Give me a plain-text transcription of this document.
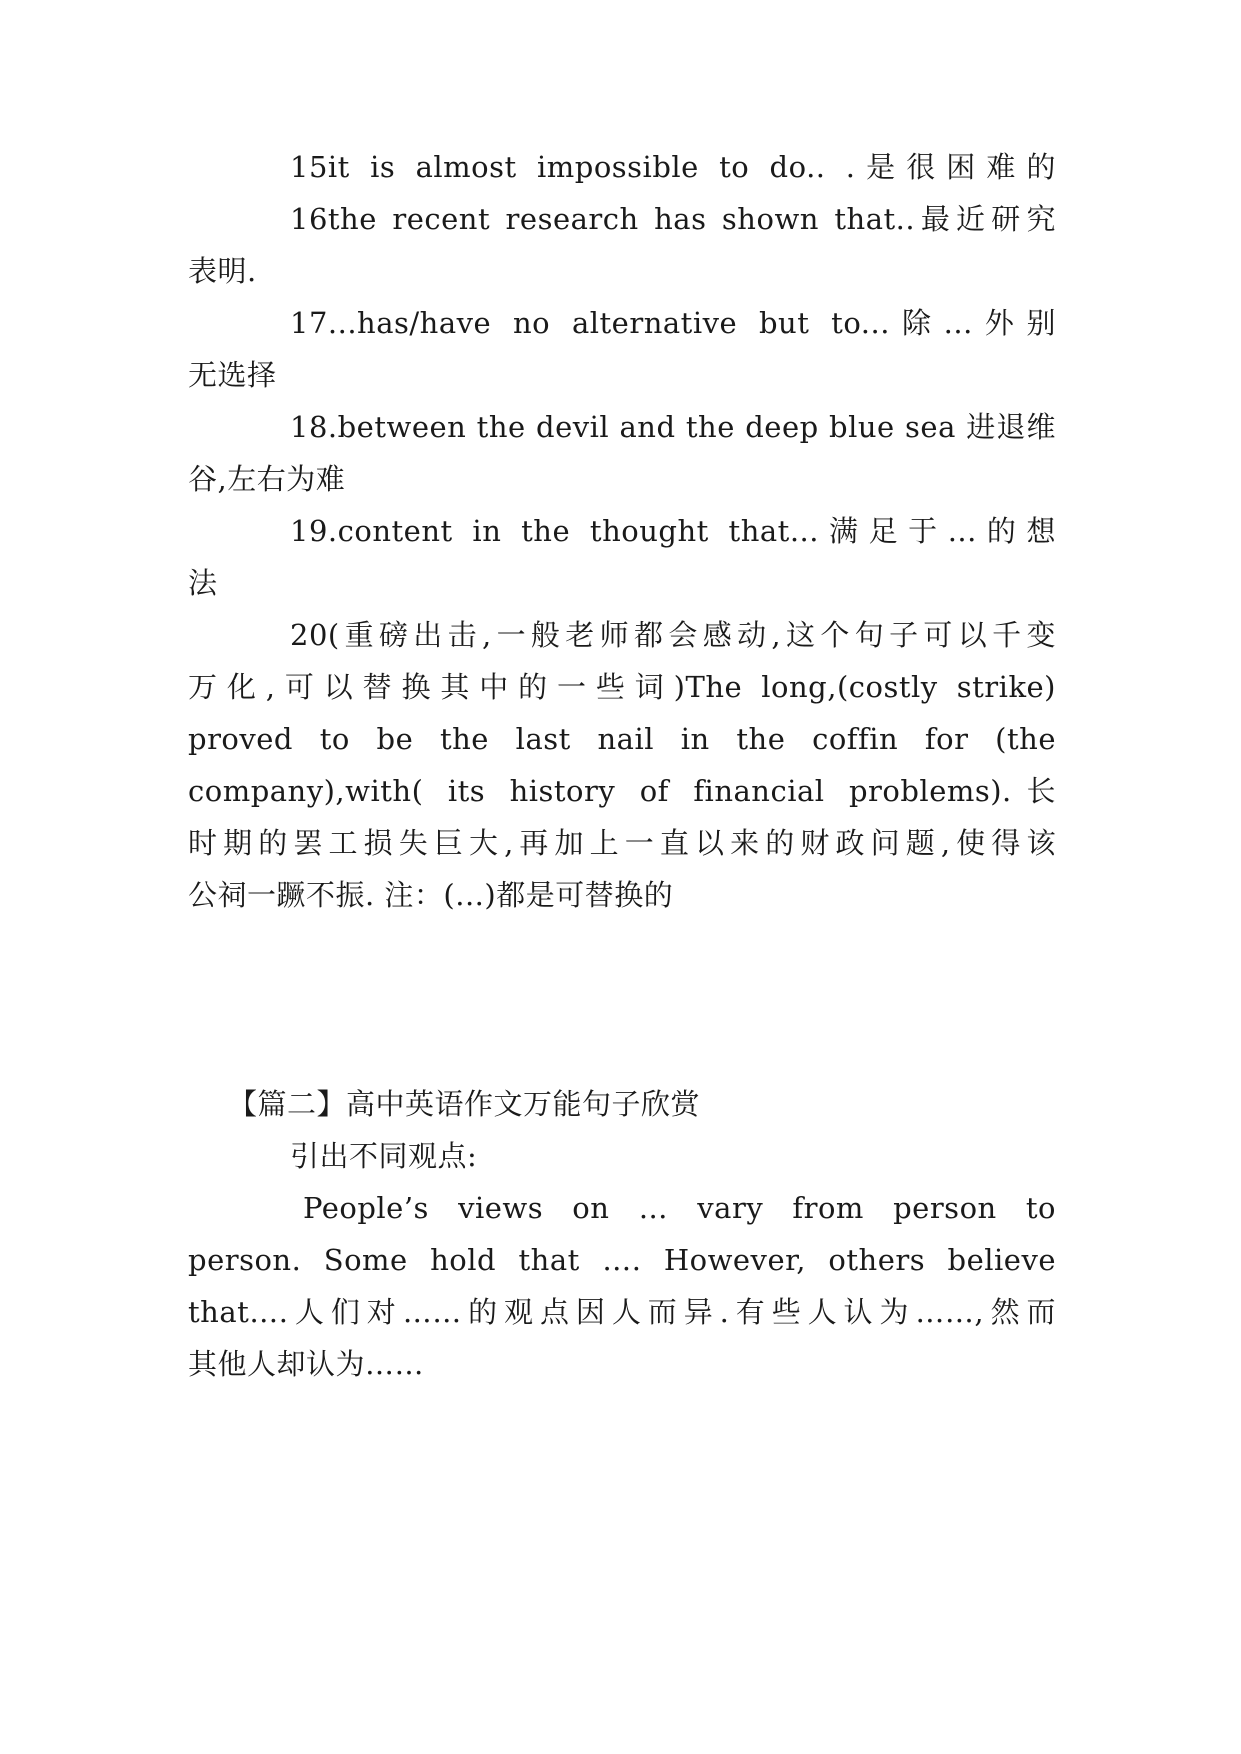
15it is almost impossible to do.. .是很困难的
16the recent research has shown that..最近研究
表明.
17...has/have no alternative but to...除...外别
无选择
18.between the devil and the deep blue sea 进退维
谷,左右为难
19.content in the thought that...满足于...的想
法
20(重磅出击,一般老师都会感动,这个句子可以千变
万化,可以替换其中的一些词)The long,(costly strike)
proved to be the last nail in the coffin for (the
company),with( its history of financial problems).长
时期的罢工损失巨大,再加上一直以来的财政问题,使得该
公祠一蹶不振. 注：(...)都是可替换的
【篇二】高中英语作文万能句子欣赏
引出不同观点:
People’s views on … vary from person to
person. Some hold that …. However, others believe
that….人们对……的观点因人而异.有些人认为……,然而
其他人却认为……
